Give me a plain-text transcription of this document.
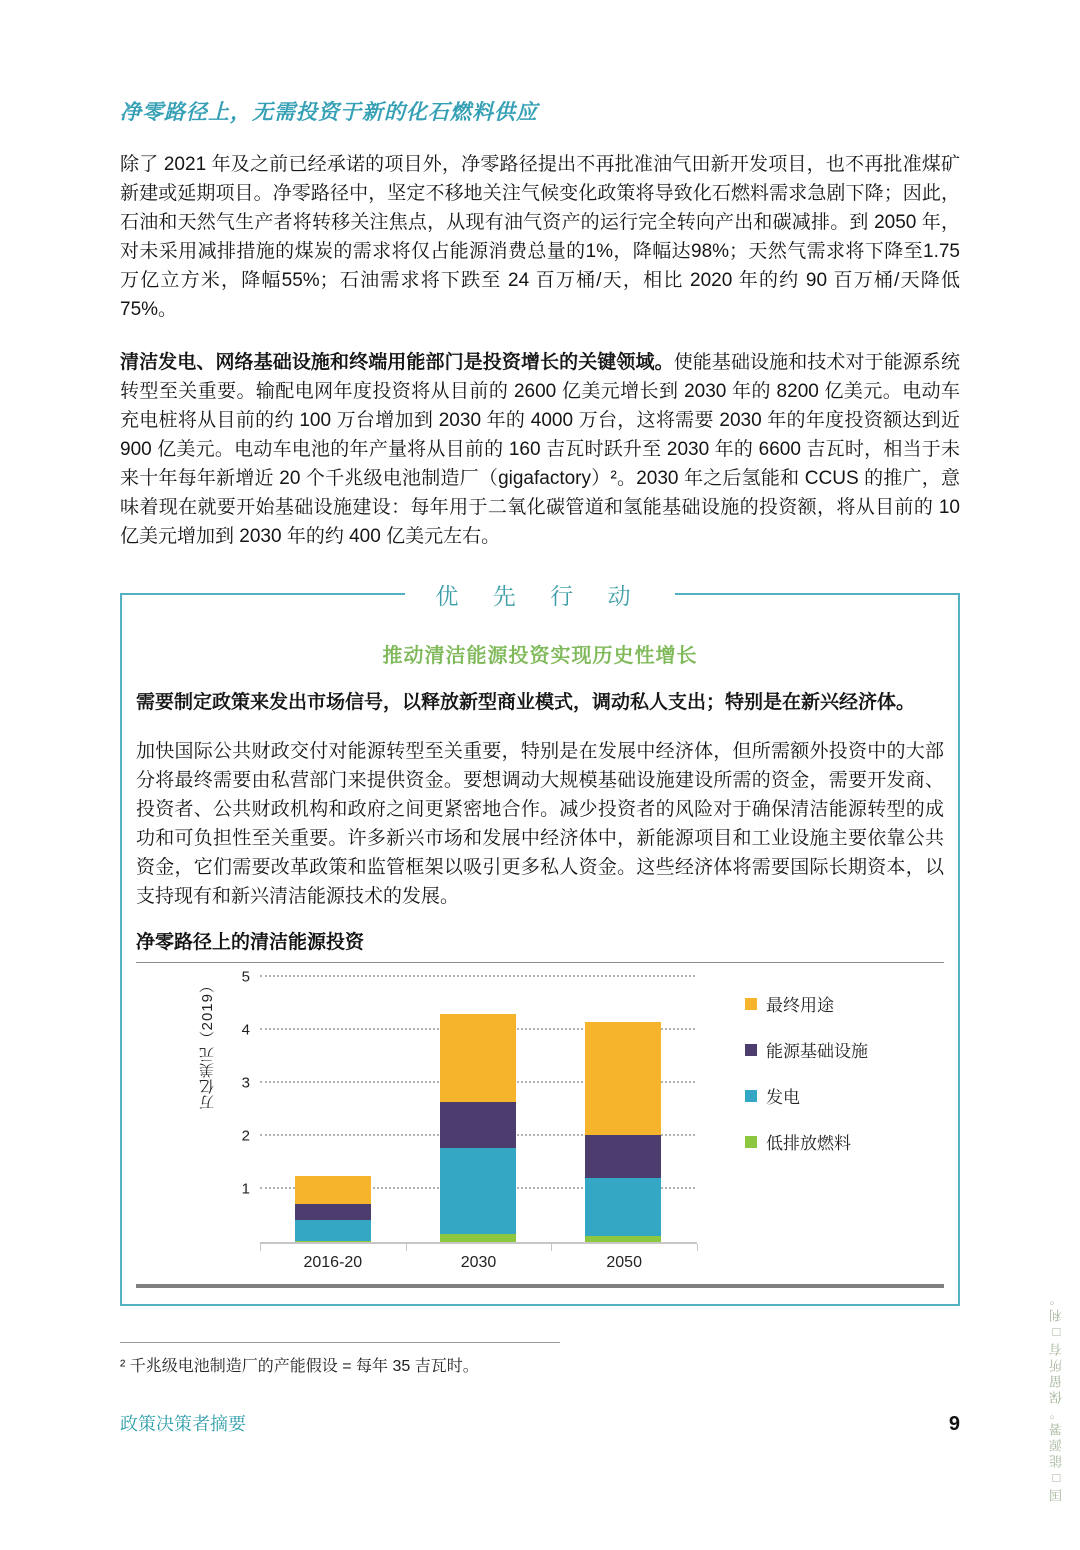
净零路径上，无需投资于新的化石燃料供应

除了 2021 年及之前已经承诺的项目外，净零路径提出不再批准油气田新开发项目，也不再批准煤矿新建或延期项目。净零路径中，坚定不移地关注气候变化政策将导致化石燃料需求急剧下降；因此，石油和天然气生产者将转移关注焦点，从现有油气资产的运行完全转向产出和碳减排。到 2050 年，对未采用减排措施的煤炭的需求将仅占能源消费总量的1%，降幅达98%；天然气需求将下降至1.75 万亿立方米，降幅55%；石油需求将下跌至 24 百万桶/天，相比 2020 年的约 90 百万桶/天降低 75%。

清洁发电、网络基础设施和终端用能部门是投资增长的关键领域。使能基础设施和技术对于能源系统转型至关重要。输配电网年度投资将从目前的 2600 亿美元增长到 2030 年的 8200 亿美元。电动车充电桩将从目前的约 100 万台增加到 2030 年的 4000 万台，这将需要 2030 年的年度投资额达到近 900 亿美元。电动车电池的年产量将从目前的 160 吉瓦时跃升至 2030 年的 6600 吉瓦时，相当于未来十年每年新增近 20 个千兆级电池制造厂（gigafactory）²。2030 年之后氢能和 CCUS 的推广，意味着现在就要开始基础设施建设：每年用于二氧化碳管道和氢能基础设施的投资额，将从目前的 10 亿美元增加到 2030 年的约 400 亿美元左右。

优 先 行 动
推动清洁能源投资实现历史性增长

需要制定政策来发出市场信号，以释放新型商业模式，调动私人支出；特别是在新兴经济体。

加快国际公共财政交付对能源转型至关重要，特别是在发展中经济体，但所需额外投资中的大部分将最终需要由私营部门来提供资金。要想调动大规模基础设施建设所需的资金，需要开发商、投资者、公共财政机构和政府之间更紧密地合作。减少投资者的风险对于确保清洁能源转型的成功和可负担性至关重要。许多新兴市场和发展中经济体中，新能源项目和工业设施主要依靠公共资金，它们需要改革政策和监管框架以吸引更多私人资金。这些经济体将需要国际长期资本，以支持现有和新兴清洁能源技术的发展。

净零路径上的清洁能源投资
万亿美元（2019）
1
2
3
4
5
最终用途
能源基础设施
发电
低排放燃料
2016-20	2030	2050
² 千兆级电池制造厂的产能假设 = 每年 35 吉瓦时。
政策决策者摘要	9	国□能源署。保留所有□利。
